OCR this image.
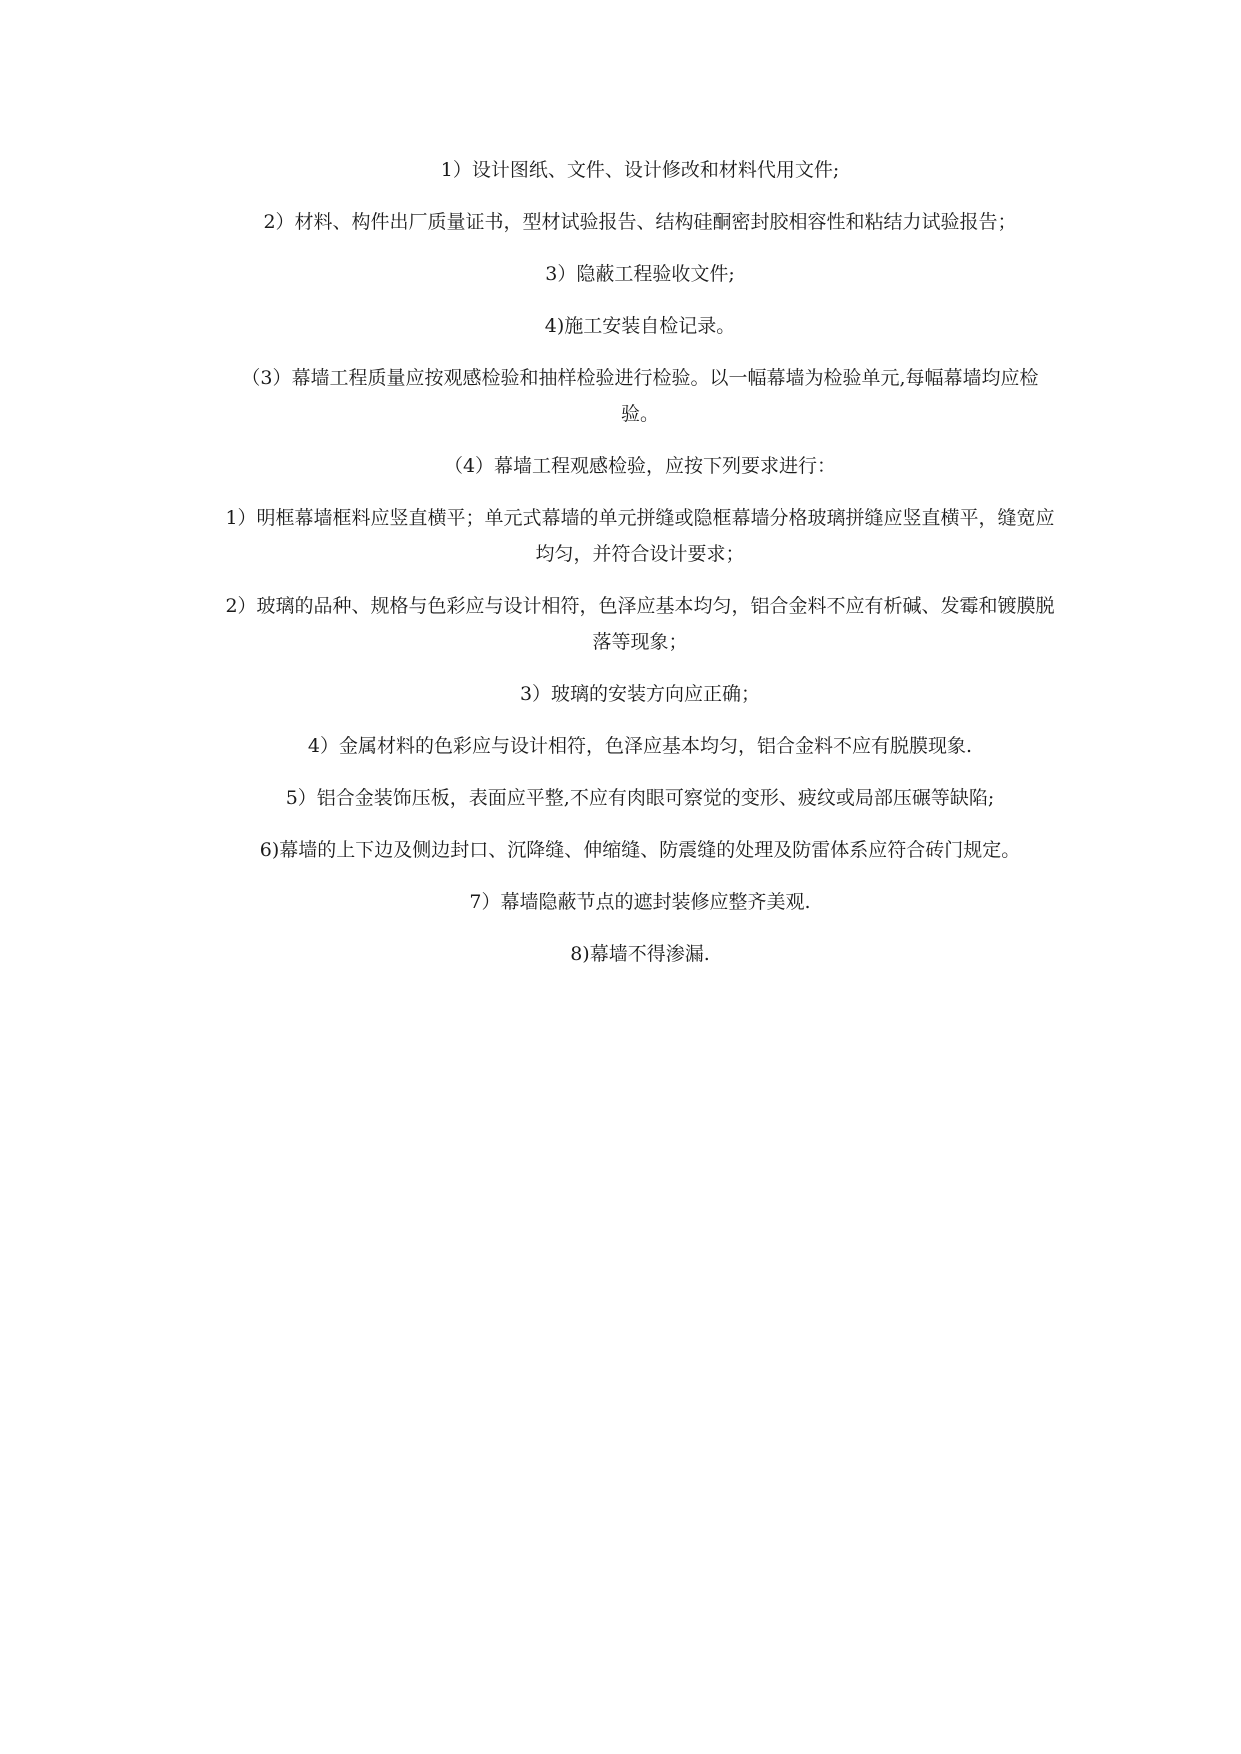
1）设计图纸、文件、设计修改和材料代用文件;

2）材料、构件出厂质量证书，型材试验报告、结构硅酮密封胶相容性和粘结力试验报告；

3）隐蔽工程验收文件;

4)施工安装自检记录。

（3）幕墙工程质量应按观感检验和抽样检验进行检验。以一幅幕墙为检验单元,每幅幕墙均应检验。

（4）幕墙工程观感检验，应按下列要求进行：

1）明框幕墙框料应竖直横平；单元式幕墙的单元拼缝或隐框幕墙分格玻璃拼缝应竖直横平，缝宽应均匀，并符合设计要求；

2）玻璃的品种、规格与色彩应与设计相符，色泽应基本均匀，铝合金料不应有析碱、发霉和镀膜脱落等现象；

3）玻璃的安装方向应正确；

4）金属材料的色彩应与设计相符，色泽应基本均匀，铝合金料不应有脱膜现象.

5）铝合金装饰压板，表面应平整,不应有肉眼可察觉的变形、疲纹或局部压碾等缺陷;

6)幕墙的上下边及侧边封口、沉降缝、伸缩缝、防震缝的处理及防雷体系应符合砖门规定。

7）幕墙隐蔽节点的遮封装修应整齐美观.

8)幕墙不得渗漏.
